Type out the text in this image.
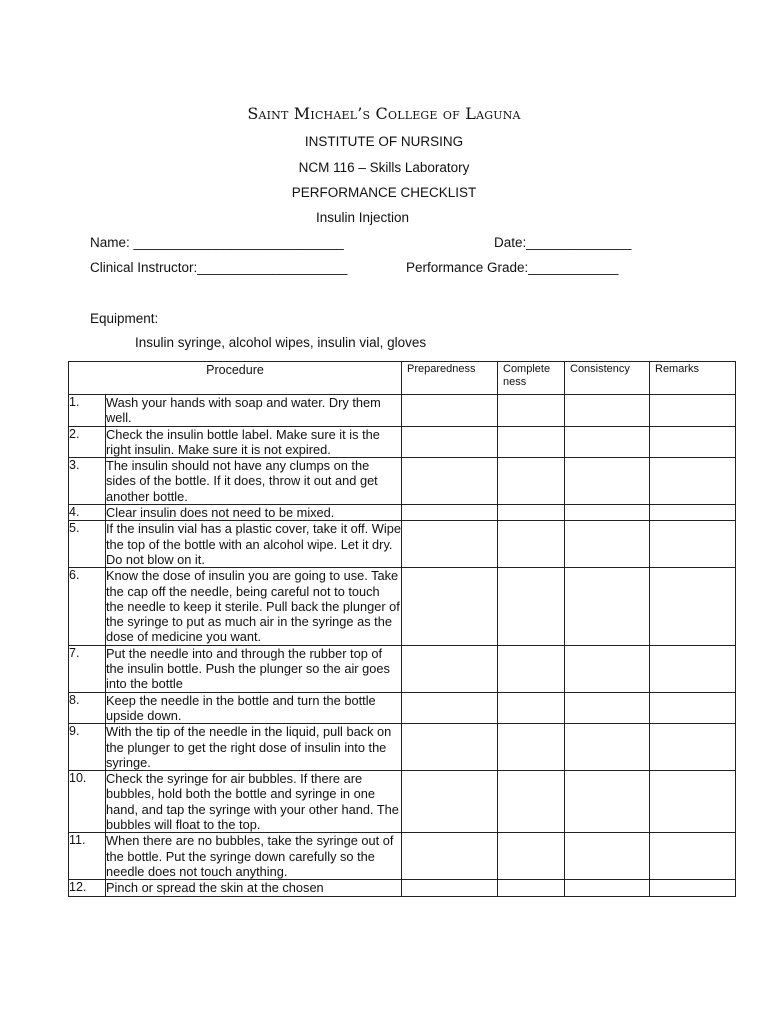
Saint Michael’s College of Laguna
INSTITUTE OF NURSING
NCM 116 – Skills Laboratory
PERFORMANCE CHECKLIST
Insulin Injection
Name: ____________________________	Date:______________
Clinical Instructor:____________________	Performance Grade:____________
Equipment:
Insulin syringe, alcohol wipes, insulin vial, gloves
Procedure		Preparedness	Complete ness	Consistency	Remarks
1.	Wash your hands with soap and water. Dry them well.				
2.	Check the insulin bottle label. Make sure it is the right insulin. Make sure it is not expired.				
3.	The insulin should not have any clumps on the sides of the bottle. If it does, throw it out and get another bottle.				
4.	Clear insulin does not need to be mixed.				
5.	If the insulin vial has a plastic cover, take it off. Wipe the top of the bottle with an alcohol wipe. Let it dry. Do not blow on it.				
6.	Know the dose of insulin you are going to use. Take the cap off the needle, being careful not to touch the needle to keep it sterile. Pull back the plunger of the syringe to put as much air in the syringe as the dose of medicine you want.				
7.	Put the needle into and through the rubber top of the insulin bottle. Push the plunger so the air goes into the bottle				
8.	Keep the needle in the bottle and turn the bottle upside down.				
9.	With the tip of the needle in the liquid, pull back on the plunger to get the right dose of insulin into the syringe.				
10.	Check the syringe for air bubbles. If there are bubbles, hold both the bottle and syringe in one hand, and tap the syringe with your other hand. The bubbles will float to the top.				
11.	When there are no bubbles, take the syringe out of the bottle. Put the syringe down carefully so the needle does not touch anything.				
12.	Pinch or spread the skin at the chosen				
